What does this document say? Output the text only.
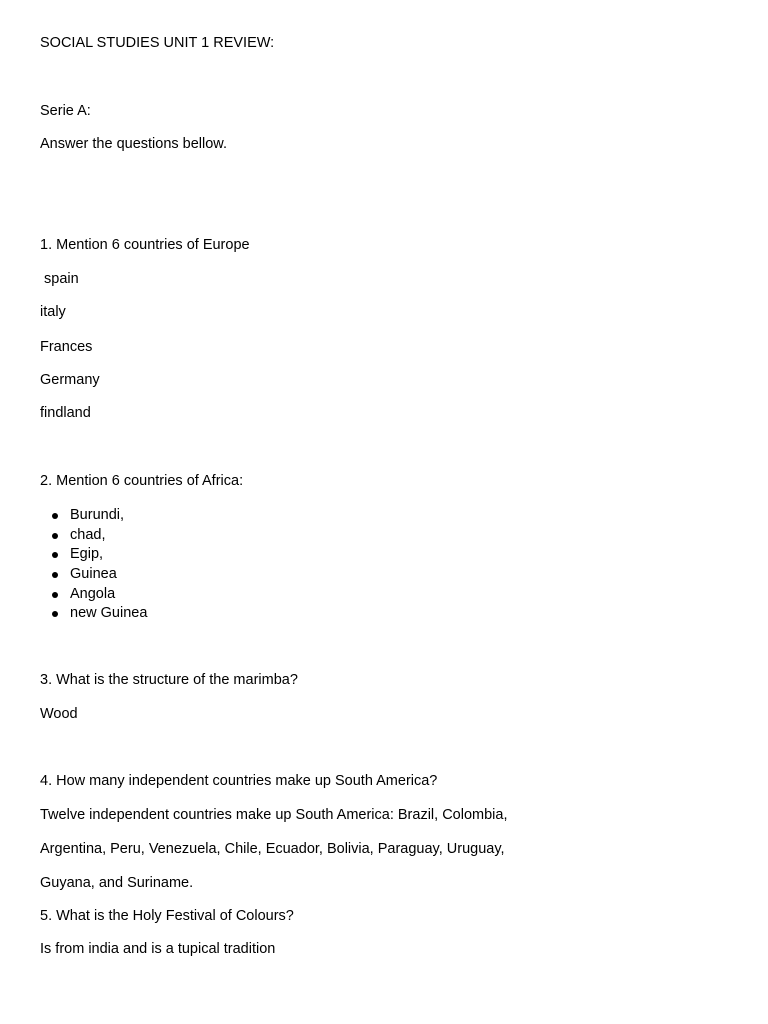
SOCIAL STUDIES UNIT 1 REVIEW:

Serie A:

Answer the questions bellow.

1. Mention 6 countries of Europe

spain

italy

Frances

Germany

findland

2. Mention 6 countries of Africa:

Burundi,
chad,
Egip,
Guinea
Angola
new Guinea

3. What is the structure of the marimba?

Wood

4. How many independent countries make up South America?

Twelve independent countries make up South America: Brazil, Colombia,

Argentina, Peru, Venezuela, Chile, Ecuador, Bolivia, Paraguay, Uruguay,

Guyana, and Suriname.

5. What is the Holy Festival of Colours?

Is from india and is a tupical tradition
